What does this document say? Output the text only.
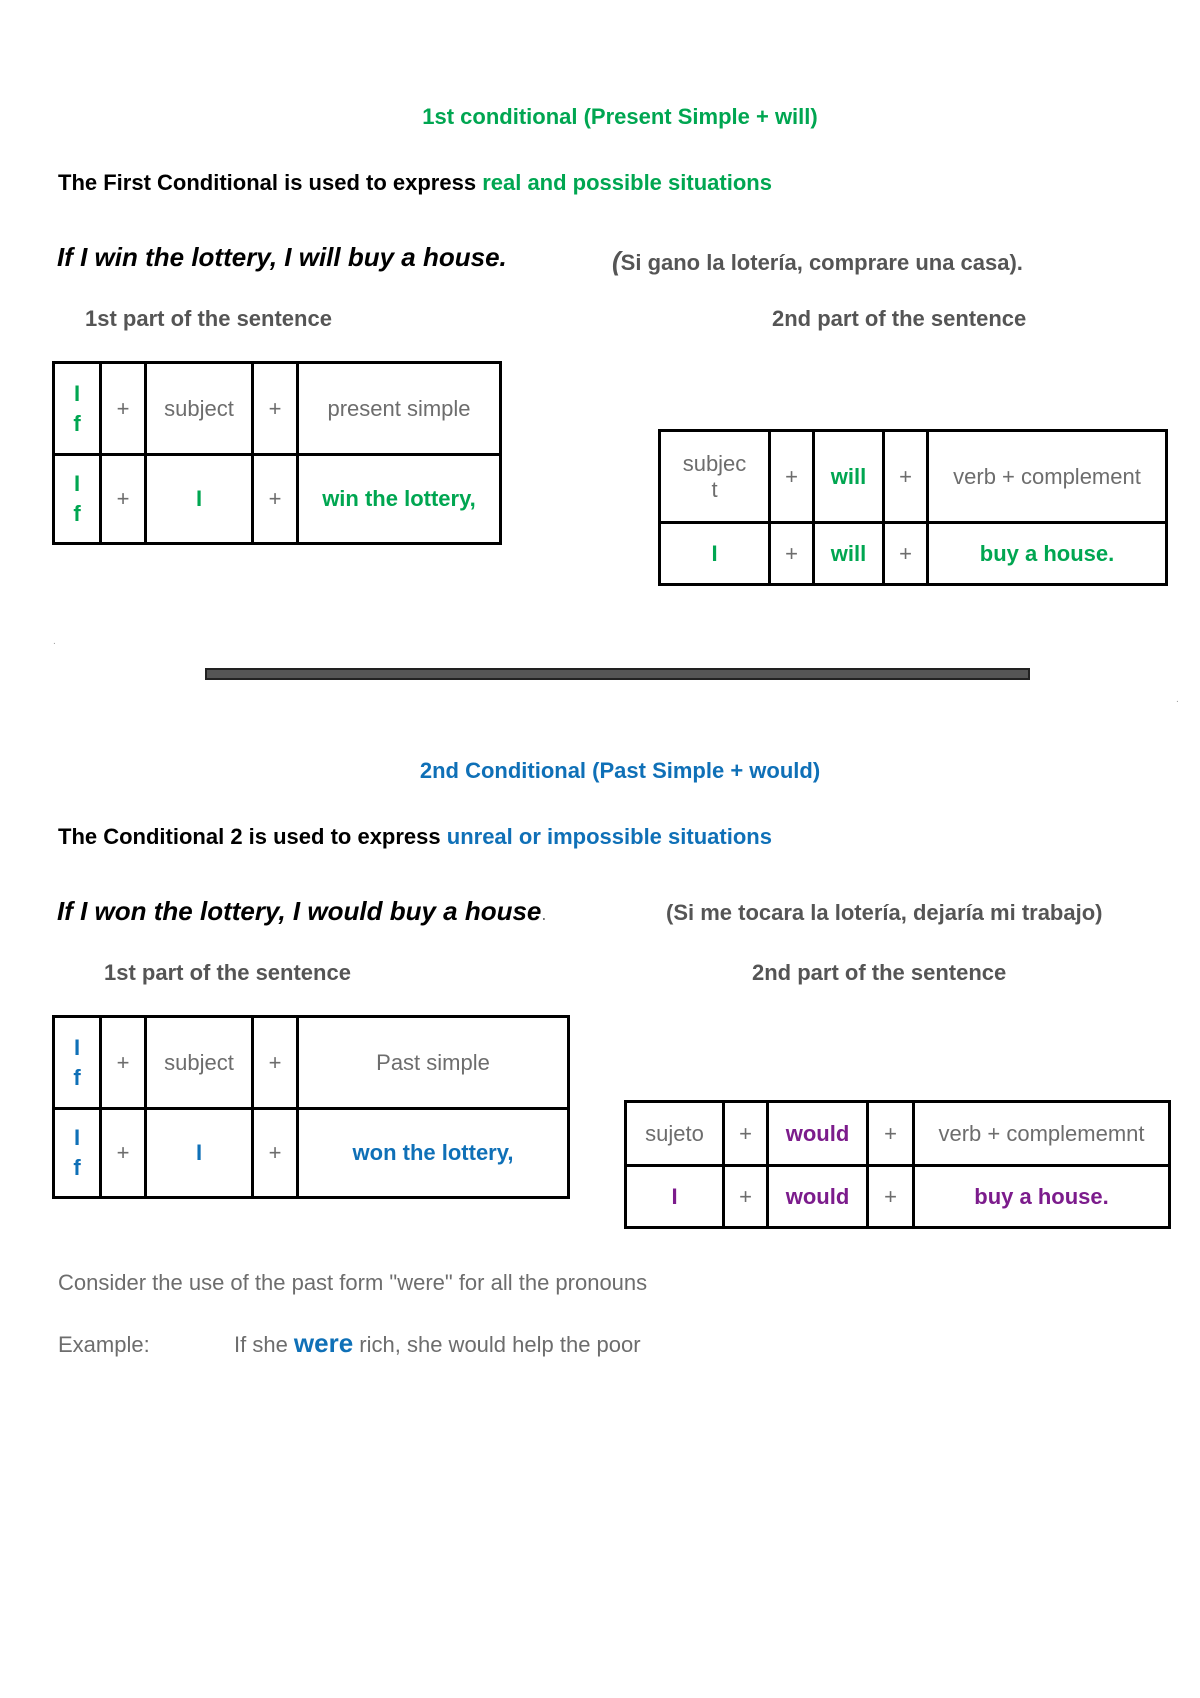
1st conditional (Present Simple + will)
The First Conditional is used to express real and possible situations
If I win the lottery, I will buy a house.	(Si gano la lotería, comprare una casa).
1st part of the sentence	2nd part of the sentence
I
f	+	subject	+	present simple

I
f	+	I	+	win the lottery,
subjec
t	+	will	+	verb + complement
I	+	will	+	buy a house.
.
.
2nd Conditional (Past Simple + would)
The Conditional 2 is used to express unreal or impossible situations
If I won the lottery, I would buy a house.	(Si me tocara la lotería, dejaría mi trabajo)
1st part of the sentence	2nd part of the sentence
I
f	+	subject	+	Past simple

I
f	+	I	+	won the lottery,
sujeto	+	would	+	verb + complememnt
I	+	would	+	buy a house.
Consider the use of the past form "were" for all the pronouns
Example:	If she were rich, she would help the poor
